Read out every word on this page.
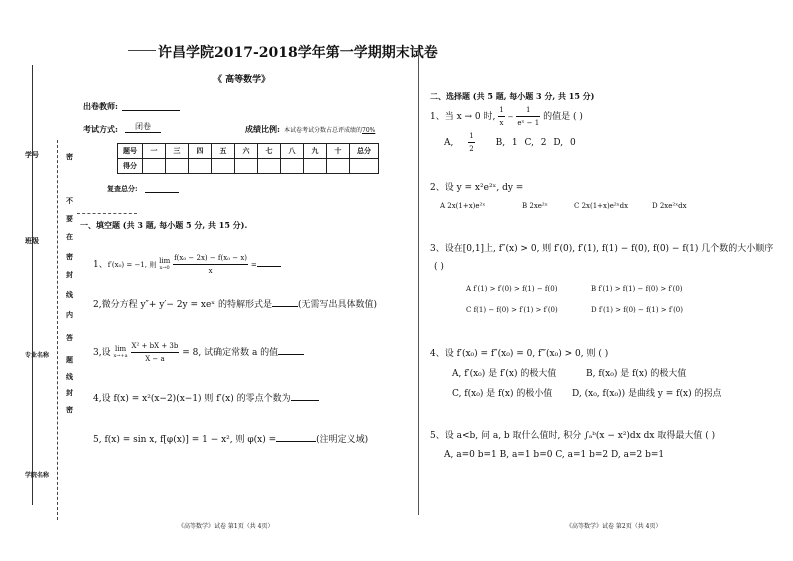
学号
班级
专业名称
学院名称
密
不
要
在
密
封
线
内
答
题
线
封
密
许昌学院2017-2018学年第一学期期末试卷
《 高等数学》
出卷教师:
考试方式:	闭卷	成绩比例: 本试卷考试分数占总评成绩的70%
题号	一	三	四	五	六	七	八	九	十	总分
得分										
复查总分:
一、填空题 (共 3 题, 每小题 5 分, 共 15 分).
1、f′(x₀) = −1, 则
lim
x→0
$\frac{\text{f(x₀ − 2x) − f(x₀ − x)}}{x}$ =
2,微分方程 y″+ y′− 2y = xeˣ 的特解形式是	(无需写出具体数值)
3,设 lim
x→+a
$\frac{\text{X² + bX + 3b}}{X - a} = 8$, 试确定常数 a 的值
4,设 f(x) = x²(x−2)(x−1) 则 f′(x) 的零点个数为
5, f(x) = sin x, f[φ(x)] = 1 − x², 则 φ(x) =	(注明定义域)
《高等数学》试卷 第1页（共 4页）
二、选择题 (共 5 题, 每小题 3 分, 共 15 分)
1、当 x → 0 时, $\frac{1}{x} - \frac{1}{\text{eˣ − 1}}$ 的值是 ( )
A, $\frac{1}{2} B$, 1 C, 2 D, 0
2、设 y = x²e²ˣ, dy =
A 2x(1+x)e²ˣ	B 2xe²ˣ	C 2x(1+x)e²ˣdx	D 2xe²ˣdx
3、设在[0,1]上, f″(x) > 0, 则 f′(0), f′(1), f(1) − f(0), f(0) − f(1) 几个数的大小顺序
( )
A f′(1) > f′(0) > f(1) − f(0)	B f′(1) > f(1) − f(0) > f′(0)
C f(1) − f(0) > f′(1) > f′(0)	D f′(1) > f(0) − f(1) > f′(0)
4、设 f′(x₀) = f″(x₀) = 0, f‴(x₀) > 0, 则 ( )
A, f′(x₀) 是 f′(x) 的极大值	B, f(x₀) 是 f(x) 的极大值
C, f(x₀) 是 f(x) 的极小值 D, (x₀, f(x₀)) 是曲线 y = f(x) 的拐点
5、设 a<b, 问 a, b 取什么值时, 积分 ∫ₐᵇ(x − x²)dx dx 取得最大值 ( )
A, a=0 b=1 B, a=1 b=0 C, a=1 b=2 D, a=2 b=1
《高等数学》试卷 第2页（共 4页）
